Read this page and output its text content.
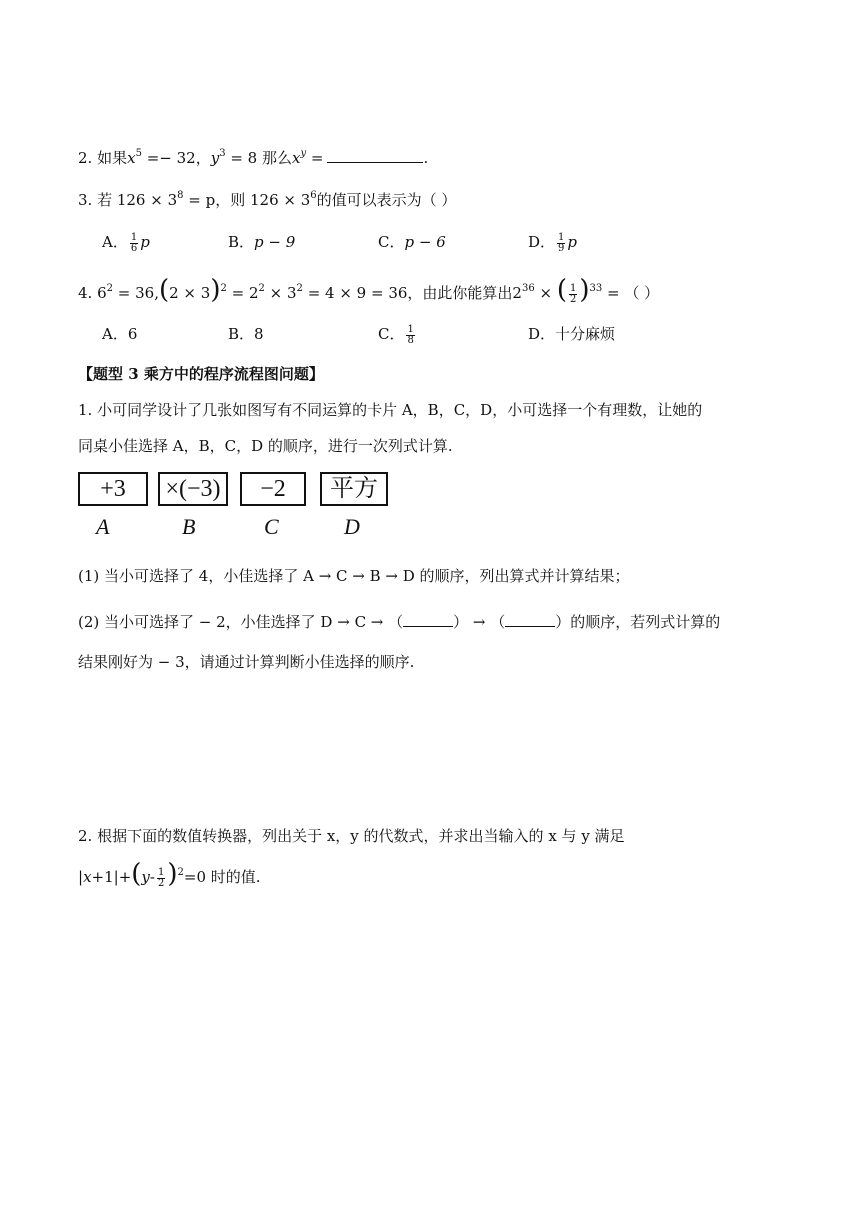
2. 如果$x^5 =- 32$，$y^3 = 8$ 那么$x^y$ =	.
3. 若 $126 \times 3^8 = p$，则 $126 \times 3^6$的值可以表示为（ ）
A． $\frac{1}{6}$ p	B．p − 9	C．p − 6	D． $\frac{1}{9}$ p
4. $6^2 = 36,(2 \times 3)^2 = 2^2 \times 3^2 = 4 \times 9 = 36$，由此你能算出$2^{36}$ × ( $\frac{1}{2} )^{33}$ = （ ）
A．6	B．8	C． $\frac{1}{8}$	D．十分麻烦
【题型 3 乘方中的程序流程图问题】
1. 小可同学设计了几张如图写有不同运算的卡片 A，B，C，D，小可选择一个有理数，让她的
同桌小佳选择 A，B，C，D 的顺序，进行一次列式计算.
+3	×(−3)	−2	平方
A	B	C	D
(1) 当小可选择了 4，小佳选择了 A → C → B → D 的顺序，列出算式并计算结果；
(2) 当小可选择了 − 2，小佳选择了 D → C → （	） → （	）的顺序，若列式计算的
结果刚好为 − 3，请通过计算判断小佳选择的顺序.
2. 根据下面的数值转换器，列出关于 x，y 的代数式，并求出当输入的 x 与 y 满足
$|x+1|+(y- \frac{1}{2} )^2=0$ 时的值.
